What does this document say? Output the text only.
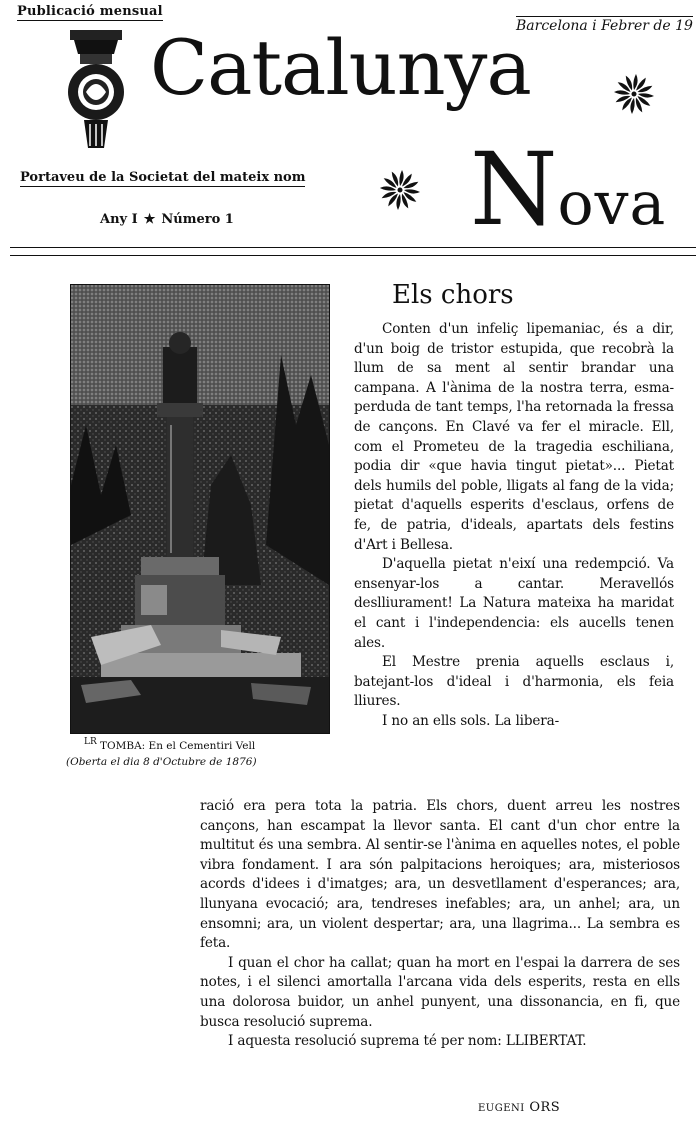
Publicació mensual
Barcelona i Febrer de 19
Catalunya
Portaveu de la Societat del mateix nom
Any I ★ Número 1 Nova
Els chors
LR TOMBA: En el Cementiri Vell
(Oberta el dia 8 d'Octubre de 1876)

Conten d'un infeliç lipemaniac, és a dir, d'un boig de tristor estupida, que recobrà la llum de sa ment al sentir brandar una campana. A l'ànima de la nostra terra, esma-perduda de tant temps, l'ha retornada la fressa de cançons. En Clavé va fer el miracle. Ell, com el Prometeu de la tragedia eschiliana, podia dir «que havia tingut pietat»... Pietat dels humils del poble, lligats al fang de la vida; pietat d'aquells esperits d'esclaus, orfens de fe, de patria, d'ideals, apartats dels festins d'Art i Bellesa.

D'aquella pietat n'eixí una redempció. Va ensenyar-los a cantar. Meravellós deslliurament! La Natura mateixa ha maridat el cant i l'independencia: els aucells tenen ales.

El Mestre prenia aquells esclaus i, batejant-los d'ideal i d'harmonia, els feia lliures.

I no an ells sols. La libera-

ració era pera tota la patria. Els chors, duent arreu les nostres cançons, han escampat la llevor santa. El cant d'un chor entre la multitut és una sembra. Al sentir-se l'ànima en aquelles notes, el poble vibra fondament. I ara són palpitacions heroiques; ara, misteriosos acords d'idees i d'imatges; ara, un desvetllament d'esperances; ara, llunyana evocació; ara, tendreses inefables; ara, un anhel; ara, un ensomni; ara, un violent despertar; ara, una llagrima... La sembra es feta.

I quan el chor ha callat; quan ha mort en l'espai la darrera de ses notes, i el silenci amortalla l'arcana vida dels esperits, resta en ells una dolorosa buidor, un anhel punyent, una dissonancia, en fi, que busca resolució suprema.

I aquesta resolució suprema té per nom: LLIBERTAT.

EUGENI ORS
